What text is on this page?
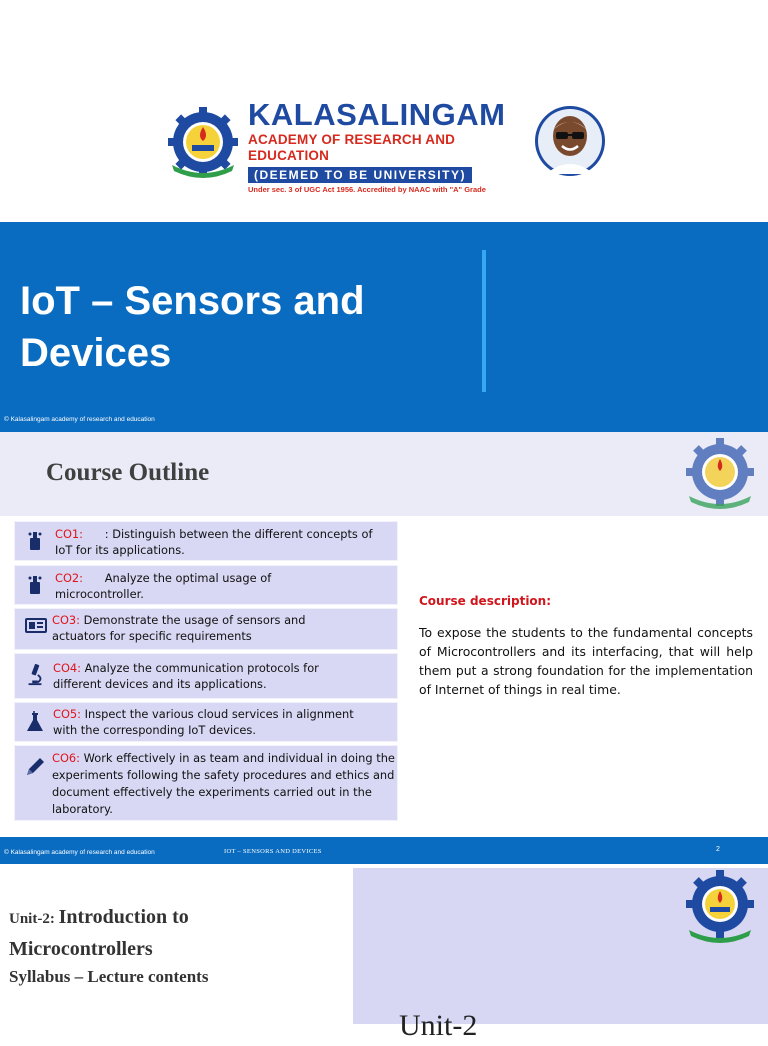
KALASALINGAM
ACADEMY OF RESEARCH AND EDUCATION
(DEEMED TO BE UNIVERSITY)
Under sec. 3 of UGC Act 1956. Accredited by NAAC with "A" Grade
IoT – Sensors and
Devices
© Kalasalingam academy of research and education
Course Outline
CO1:      : Distinguish between the different concepts of
IoT for its applications.
CO2:      Analyze the optimal usage of
microcontroller.
CO3: Demonstrate the usage of sensors and
actuators for specific requirements
CO4: Analyze the communication protocols for
different devices and its applications.
CO5: Inspect the various cloud services in alignment
with the corresponding IoT devices.
CO6: Work effectively in as team and individual in doing the
experiments following the safety procedures and ethics and
document effectively the experiments carried out in the
laboratory.
Course description:
To expose the students to the fundamental concepts of Microcontrollers and its interfacing, that will help them put a strong foundation for the implementation of Internet of things in real time.
© Kalasalingam academy of research and education	IOT – SENSORS AND DEVICES	2
Unit-2: Introduction to
Microcontrollers
Syllabus – Lecture contents
Unit-2
